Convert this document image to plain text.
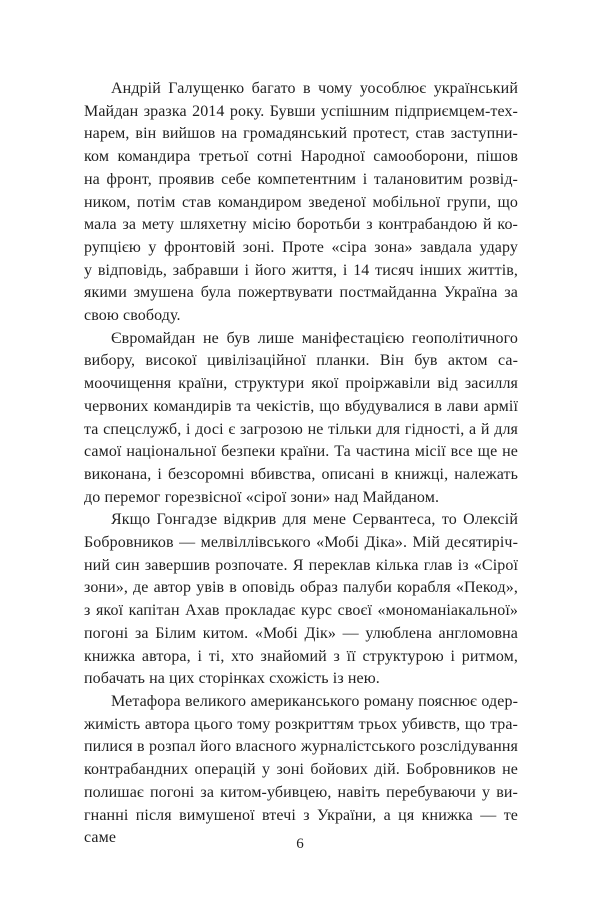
Андрій Галущенко багато в чому уособлює український
Майдан зразка 2014 року. Бувши успішним підприємцем-тех-
нарем, він вийшов на громадянський протест, став заступни-
ком командира третьої сотні Народної самооборони, пішов
на фронт, проявив себе компетентним і талановитим розвід-
ником, потім став командиром зведеної мобільної групи, що
мала за мету шляхетну місію боротьби з контрабандою й ко-
рупцією у фронтовій зоні. Проте «сіра зона» завдала удару
у відповідь, забравши і його життя, і 14 тисяч інших життів,
якими змушена була пожертвувати постмайданна Україна за
свою свободу.

Євромайдан не був лише маніфестацією геополітичного
вибору, високої цивілізаційної планки. Він був актом са-
моочищення країни, структури якої проіржавіли від засилля
червоних командирів та чекістів, що вбудувалися в лави армії
та спецслужб, і досі є загрозою не тільки для гідності, а й для
самої національної безпеки країни. Та частина місії все ще не
виконана, і безсоромні вбивства, описані в книжці, належать
до перемог горезвісної «сірої зони» над Майданом.

Якщо Гонгадзе відкрив для мене Сервантеса, то Олексій
Бобровников — мелвіллівського «Мобі Діка». Мій десятиріч-
ний син завершив розпочате. Я переклав кілька глав із «Сірої
зони», де автор увів в оповідь образ палуби корабля «Пекод»,
з якої капітан Ахав прокладає курс своєї «мономаніакальної»
погоні за Білим китом. «Мобі Дік» — улюблена англомовна
книжка автора, і ті, хто знайомий з її структурою і ритмом,
побачать на цих сторінках схожість із нею.

Метафора великого американського роману пояснює одер-
жимість автора цього тому розкриттям трьох убивств, що тра-
пилися в розпал його власного журналістського розслідування
контрабандних операцій у зоні бойових дій. Бобровников не
полишає погоні за китом-убивцею, навіть перебуваючи у ви-
гнанні після вимушеної втечі з України, а ця книжка — те саме	6
